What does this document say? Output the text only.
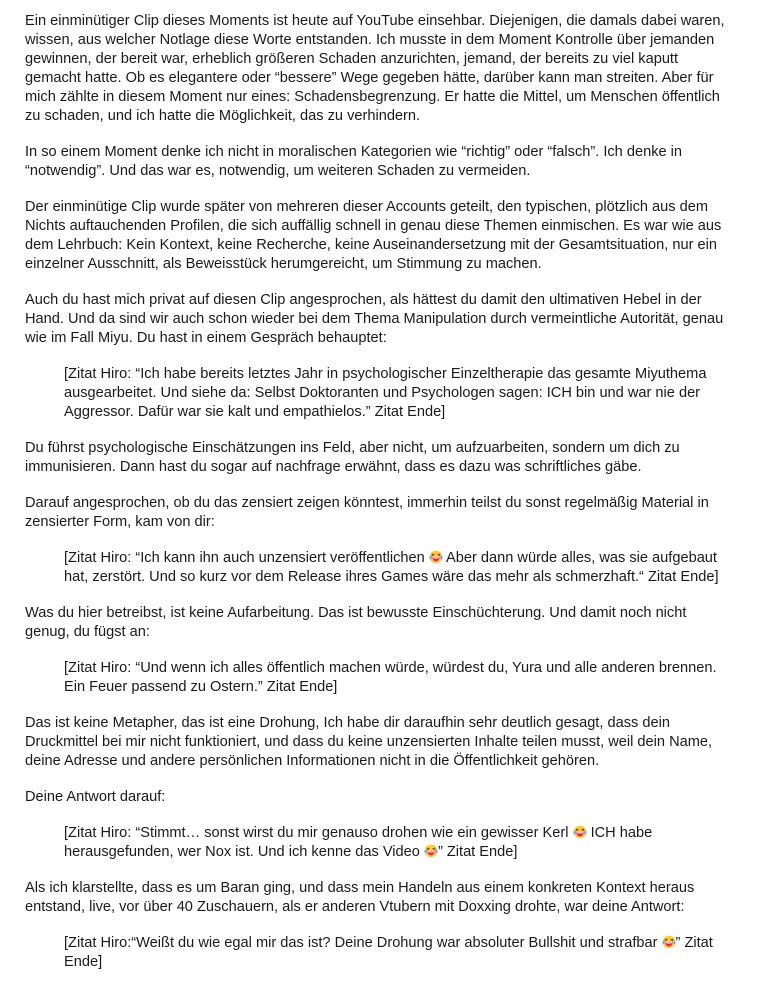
Ein einminütiger Clip dieses Moments ist heute auf YouTube einsehbar. Diejenigen, die damals dabei waren, wissen, aus welcher Notlage diese Worte entstanden. Ich musste in dem Moment Kontrolle über jemanden gewinnen, der bereit war, erheblich größeren Schaden anzurichten, jemand, der bereits zu viel kaputt gemacht hatte. Ob es elegantere oder “bessere” Wege gegeben hätte, darüber kann man streiten. Aber für mich zählte in diesem Moment nur eines: Schadensbegrenzung. Er hatte die Mittel, um Menschen öffentlich zu schaden, und ich hatte die Möglichkeit, das zu verhindern.

In so einem Moment denke ich nicht in moralischen Kategorien wie “richtig” oder “falsch”. Ich denke in “notwendig”. Und das war es, notwendig, um weiteren Schaden zu vermeiden.

Der einminütige Clip wurde später von mehreren dieser Accounts geteilt, den typischen, plötzlich aus dem Nichts auftauchenden Profilen, die sich auffällig schnell in genau diese Themen einmischen. Es war wie aus dem Lehrbuch: Kein Kontext, keine Recherche, keine Auseinandersetzung mit der Gesamtsituation, nur ein einzelner Ausschnitt, als Beweisstück herumgereicht, um Stimmung zu machen.

Auch du hast mich privat auf diesen Clip angesprochen, als hättest du damit den ultimativen Hebel in der Hand. Und da sind wir auch schon wieder bei dem Thema Manipulation durch vermeintliche Autorität, genau wie im Fall Miyu. Du hast in einem Gespräch behauptet:

[Zitat Hiro: “Ich habe bereits letztes Jahr in psychologischer Einzeltherapie das gesamte Miyuthema ausgearbeitet. Und siehe da: Selbst Doktoranten und Psychologen sagen: ICH bin und war nie der Aggressor. Dafür war sie kalt und empathielos.” Zitat Ende]

Du führst psychologische Einschätzungen ins Feld, aber nicht, um aufzuarbeiten, sondern um dich zu immunisieren. Dann hast du sogar auf nachfrage erwähnt, dass es dazu was schriftliches gäbe.

Darauf angesprochen, ob du das zensiert zeigen könntest, immerhin teilst du sonst regelmäßig Material in zensierter Form, kam von dir:

[Zitat Hiro: “Ich kann ihn auch unzensiert veröffentlichen  Aber dann würde alles, was sie aufgebaut hat, zerstört. Und so kurz vor dem Release ihres Games wäre das mehr als schmerzhaft.“ Zitat Ende]

Was du hier betreibst, ist keine Aufarbeitung. Das ist bewusste Einschüchterung. Und damit noch nicht genug, du fügst an:

[Zitat Hiro: “Und wenn ich alles öffentlich machen würde, würdest du, Yura und alle anderen brennen. Ein Feuer passend zu Ostern.” Zitat Ende]

Das ist keine Metapher, das ist eine Drohung, Ich habe dir daraufhin sehr deutlich gesagt, dass dein Druckmittel bei mir nicht funktioniert, und dass du keine unzensierten Inhalte teilen musst, weil dein Name, deine Adresse und andere persönlichen Informationen nicht in die Öffentlichkeit gehören.

Deine Antwort darauf:

[Zitat Hiro: “Stimmt… sonst wirst du mir genauso drohen wie ein gewisser Kerl  ICH habe herausgefunden, wer Nox ist. Und ich kenne das Video ” Zitat Ende]

Als ich klarstellte, dass es um Baran ging, und dass mein Handeln aus einem konkreten Kontext heraus entstand, live, vor über 40 Zuschauern, als er anderen Vtubern mit Doxxing drohte, war deine Antwort:

[Zitat Hiro:“Weißt du wie egal mir das ist? Deine Drohung war absoluter Bullshit und strafbar ” Zitat Ende]
